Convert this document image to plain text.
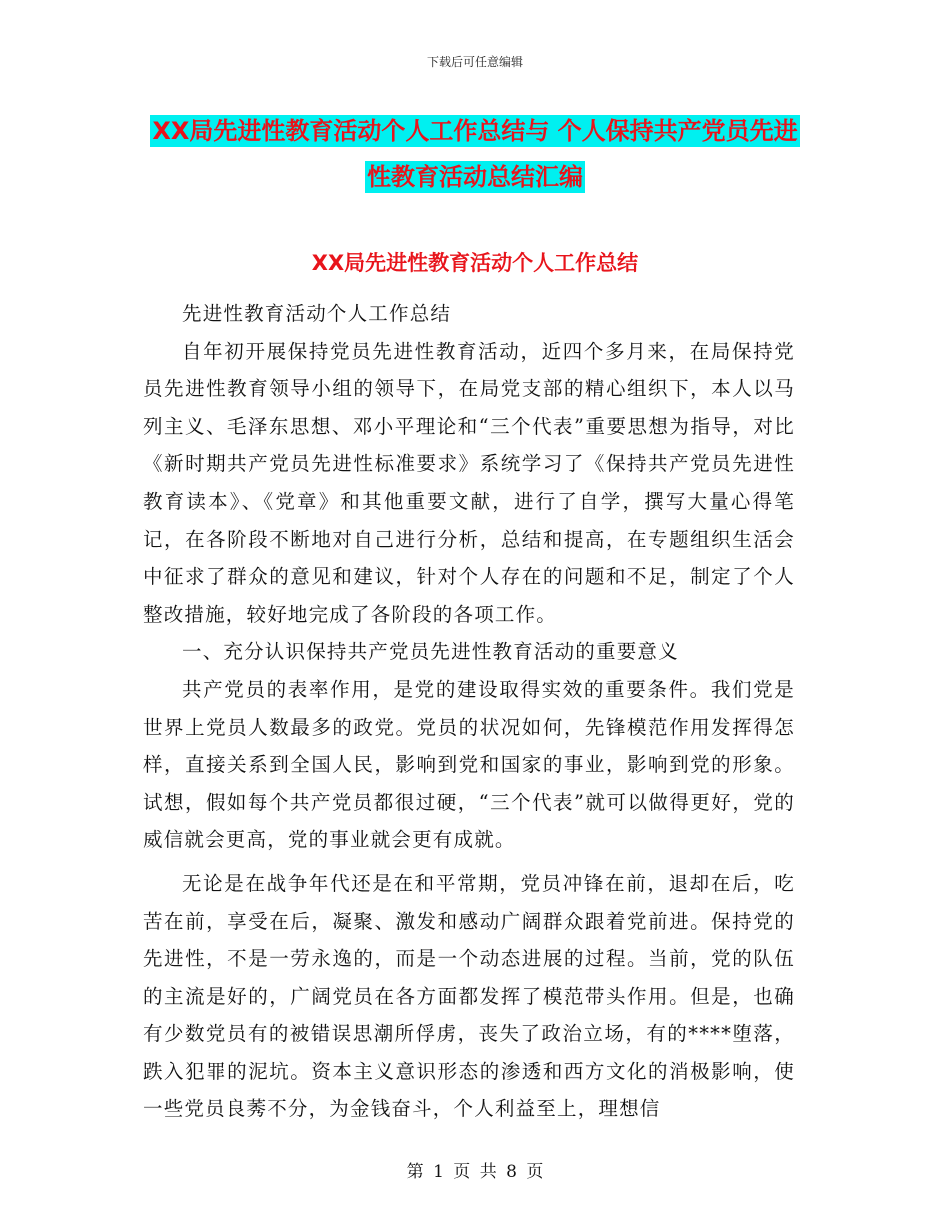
下载后可任意编辑
XX局先进性教育活动个人工作总结与 个人保持共产党员先进性教育活动总结汇编
XX局先进性教育活动个人工作总结

先进性教育活动个人工作总结

自年初开展保持党员先进性教育活动，近四个多月来，在局保持党员先进性教育领导小组的领导下，在局党支部的精心组织下，本人以马列主义、毛泽东思想、邓小平理论和“三个代表”重要思想为指导，对比《新时期共产党员先进性标准要求》系统学习了《保持共产党员先进性教育读本》、《党章》和其他重要文献，进行了自学，撰写大量心得笔记，在各阶段不断地对自己进行分析，总结和提高，在专题组织生活会中征求了群众的意见和建议，针对个人存在的问题和不足，制定了个人整改措施，较好地完成了各阶段的各项工作。

一、充分认识保持共产党员先进性教育活动的重要意义

共产党员的表率作用，是党的建设取得实效的重要条件。我们党是世界上党员人数最多的政党。党员的状况如何，先锋模范作用发挥得怎样，直接关系到全国人民，影响到党和国家的事业，影响到党的形象。试想，假如每个共产党员都很过硬，“三个代表”就可以做得更好，党的威信就会更高，党的事业就会更有成就。

无论是在战争年代还是在和平常期，党员冲锋在前，退却在后，吃苦在前，享受在后，凝聚、激发和感动广阔群众跟着党前进。保持党的先进性，不是一劳永逸的，而是一个动态进展的过程。当前，党的队伍的主流是好的，广阔党员在各方面都发挥了模范带头作用。但是，也确有少数党员有的被错误思潮所俘虏，丧失了政治立场，有的****堕落，跌入犯罪的泥坑。资本主义意识形态的渗透和西方文化的消极影响，使一些党员良莠不分，为金钱奋斗，个人利益至上，理想信

第 1 页 共 8 页
